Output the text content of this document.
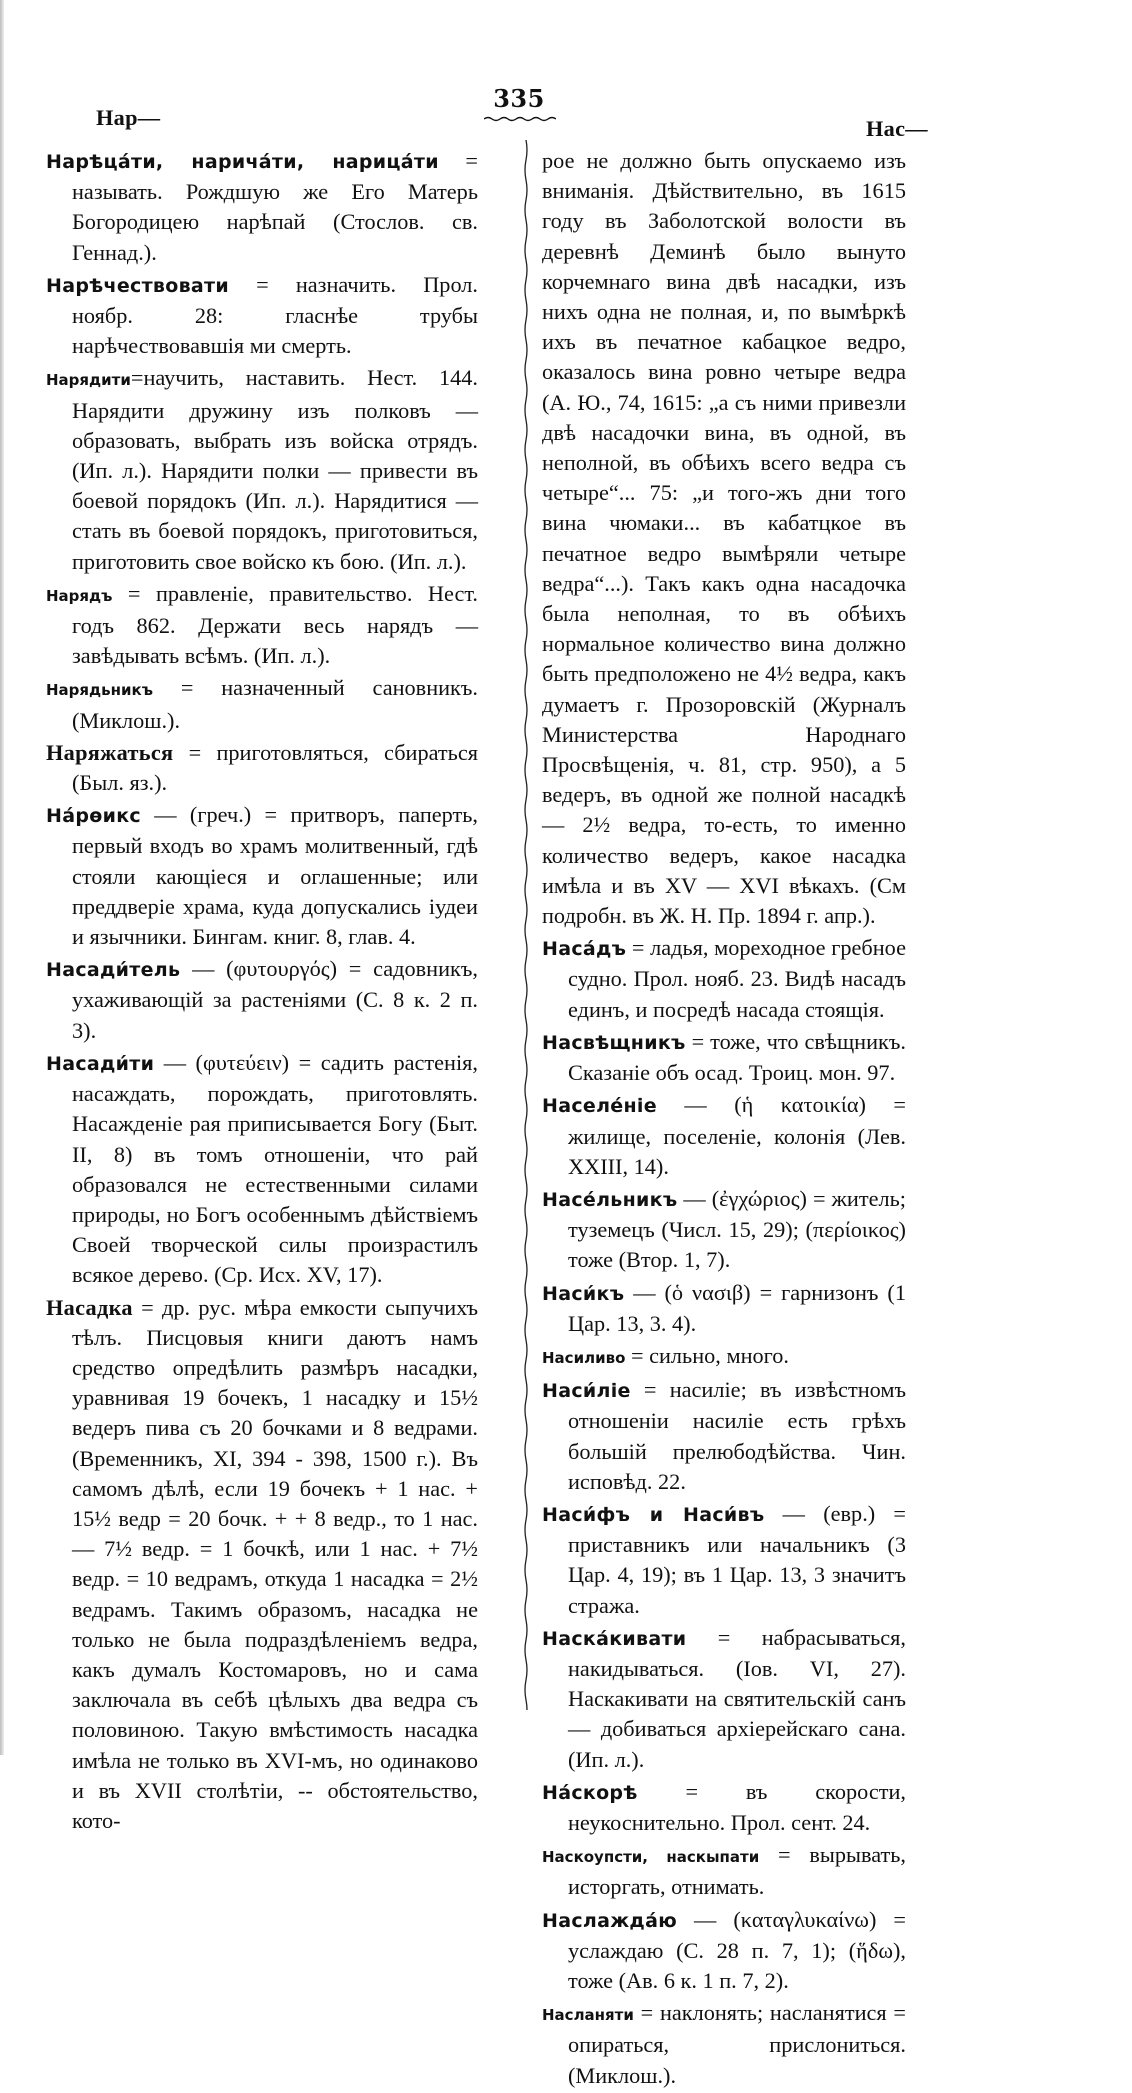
335
Нар—	Нас—

Нарѣца́ти, нарича́ти, нарица́ти = называть. Рождшую же Его Матерь Богородицею нарѣпай (Стослов. св. Геннад.).

Нарѣчествовати = назначить. Прол. ноябр. 28: гласнѣе трубы нарѣчествовавшія ми смерть.

Нарядити=научить, наставить. Нест. 144. Нарядити дружину изъ полковъ — образовать, выбрать изъ войска отрядъ. (Ип. л.). Нарядити полки — привести въ боевой порядокъ (Ип. л.). Нарядитися — стать въ боевой порядокъ, приготовиться, приготовить свое войско къ бою. (Ип. л.).

Нарядъ = правленіе, правительство. Нест. годъ 862. Держати весь нарядъ — завѣдывать всѣмъ. (Ип. л.).

Нарядьникъ = назначенный сановникъ. (Миклош.).

Наряжаться = приготовляться, сбираться (Был. яз.).

На́рѳикс — (греч.) = притворъ, паперть, первый входъ во храмъ молитвенный, гдѣ стояли кающіеся и оглашенные; или преддверіе храма, куда допускались іудеи и язычники. Бингам. книг. 8, глав. 4.

Насади́тель — (φυτουργός) = садовникъ, ухаживающій за растеніями (С. 8 к. 2 п. 3).

Насади́ти — (φυτεύειν) = садить растенія, насаждать, порождать, приготовлять. Насажденіе рая приписывается Богу (Быт. II, 8) въ томъ отношеніи, что рай образовался не естественными силами природы, но Богъ особеннымъ дѣйствіемъ Своей творческой силы произрастилъ всякое дерево. (Ср. Исх. XV, 17).

Насадка = др. рус. мѣра емкости сыпучихъ тѣлъ. Писцовыя книги даютъ намъ средство опредѣлить размѣръ насадки, уравнивая 19 бочекъ, 1 насадку и 15½ ведеръ пива съ 20 бочками и 8 ведрами. (Временникъ, XI, 394 - 398, 1500 г.). Въ самомъ дѣлѣ, если 19 бочекъ + 1 нас. + 15½ ведр = 20 бочк. + + 8 ведр., то 1 нас. — 7½ ведр. = 1 бочкѣ, или 1 нас. + 7½ ведр. = 10 ведрамъ, откуда 1 насадка = 2½ ведрамъ. Такимъ образомъ, насадка не только не была подраздѣленіемъ ведра, какъ думалъ Костомаровъ, но и сама заключала въ себѣ цѣлыхъ два ведра съ половиною. Такую вмѣстимость насадка имѣла не только въ XVI-мъ, но одинаково и въ XVII столѣтіи, -- обстоятельство, кото-

рое не должно быть опускаемо изъ вниманія. Дѣйствительно, въ 1615 году въ Заболотской волости въ деревнѣ Деминѣ было вынуто корчемнаго вина двѣ насадки, изъ нихъ одна не полная, и, по вымѣркѣ ихъ въ печатное кабацкое ведро, оказалось вина ровно четыре ведра (А. Ю., 74, 1615: „а съ ними привезли двѣ насадочки вина, въ одной, въ неполной, въ обѣихъ всего ведра съ четыре“... 75: „и того-жъ дни того вина чюмаки... въ кабатцкое въ печатное ведро вымѣряли четыре ведра“...). Такъ какъ одна насадочка была неполная, то въ обѣихъ нормальное количество вина должно быть предположено не 4½ ведра, какъ думаетъ г. Прозоровскій (Журналъ Министерства Народнаго Просвѣщенія, ч. 81, стр. 950), а 5 ведеръ, въ одной же полной насадкѣ — 2½ ведра, то-есть, то именно количество ведеръ, какое насадка имѣла и въ XV — XVI вѣкахъ. (См подробн. въ Ж. Н. Пр. 1894 г. апр.).

Наса́дъ = ладья, мореходное гребное судно. Прол. нояб. 23. Видѣ насадъ единъ, и посредѣ насада стоящія.

Насвѣщникъ = тоже, что свѣщникъ. Сказаніе объ осад. Троиц. мон. 97.

Населе́ніе — (ἡ κατοικία) = жилище, поселеніе, колонія (Лев. XXIII, 14).

Насе́льникъ — (ἐγχώριος) = житель; туземецъ (Числ. 15, 29); (περίοικος) тоже (Втор. 1, 7).

Наси́къ — (ὁ νασιβ) = гарнизонъ (1 Цар. 13, 3. 4).

Насиливо = сильно, много.

Наси́ліе = насиліе; въ извѣстномъ отношеніи насиліе есть грѣхъ большій прелюбодѣйства. Чин. исповѣд. 22.

Наси́фъ и Наси́въ — (евр.) = приставникъ или начальникъ (3 Цар. 4, 19); въ 1 Цар. 13, 3 значитъ стража.

Наска́кивати = набрасываться, накидываться. (Іов. VI, 27). Наскакивати на святительскій санъ — добиваться архіерейскаго сана. (Ип. л.).

На́скорѣ = въ скорости, неукоснительно. Прол. сент. 24.

Наскоупсти, наскыпати = вырывать, исторгать, отнимать.

Наслажда́ю — (καταγλυκαίνω) = услаждаю (С. 28 п. 7, 1); (ἥδω), тоже (Ав. 6 к. 1 п. 7, 2).

Насланяти = наклонять; насланятися = опираться, прислониться. (Миклош.).
